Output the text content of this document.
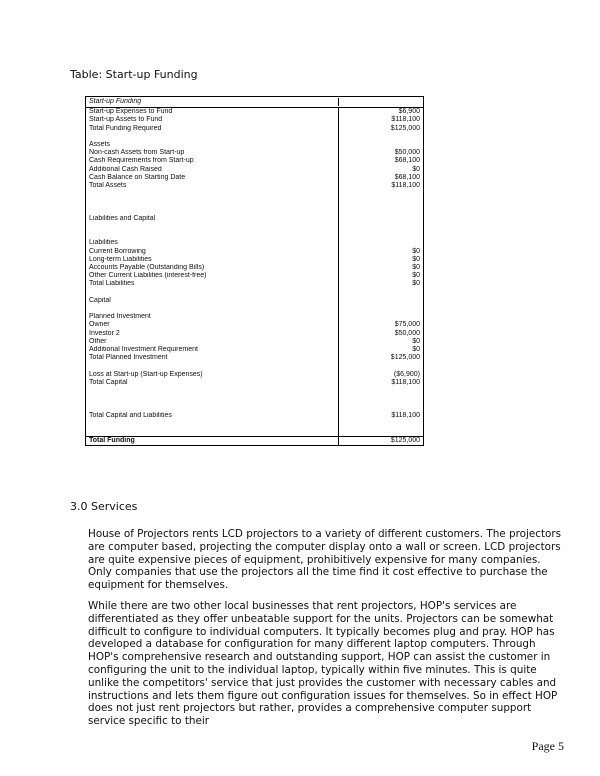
Table: Start-up Funding
Start-up Funding
Start-up Expenses to Fund	$6,900
Start-up Assets to Fund	$118,100
Total Funding Required	$125,000
Assets
Non-cash Assets from Start-up	$50,000
Cash Requirements from Start-up	$68,100
Additional Cash Raised	$0
Cash Balance on Starting Date	$68,100
Total Assets	$118,100
Liabilities and Capital
Liabilities
Current Borrowing	$0
Long-term Liabilities	$0
Accounts Payable (Outstanding Bills)	$0
Other Current Liabilities (interest-free)	$0
Total Liabilities	$0
Capital
Planned Investment
Owner	$75,000
Investor 2	$50,000
Other	$0
Additional Investment Requirement	$0
Total Planned Investment	$125,000
Loss at Start-up (Start-up Expenses)	($6,900)
Total Capital	$118,100
Total Capital and Liabilities	$118,100
Total Funding	$125,000
3.0 Services

House of Projectors rents LCD projectors to a variety of different customers. The projectors are computer based, projecting the computer display onto a wall or screen. LCD projectors are quite expensive pieces of equipment, prohibitively expensive for many companies. Only companies that use the projectors all the time find it cost effective to purchase the equipment for themselves.

While there are two other local businesses that rent projectors, HOP's services are differentiated as they offer unbeatable support for the units. Projectors can be somewhat difficult to configure to individual computers. It typically becomes plug and pray. HOP has developed a database for configuration for many different laptop computers. Through HOP's comprehensive research and outstanding support, HOP can assist the customer in configuring the unit to the individual laptop, typically within five minutes. This is quite unlike the competitors' service that just provides the customer with necessary cables and instructions and lets them figure out configuration issues for themselves. So in effect HOP does not just rent projectors but rather, provides a comprehensive computer support service specific to their

Page 5
